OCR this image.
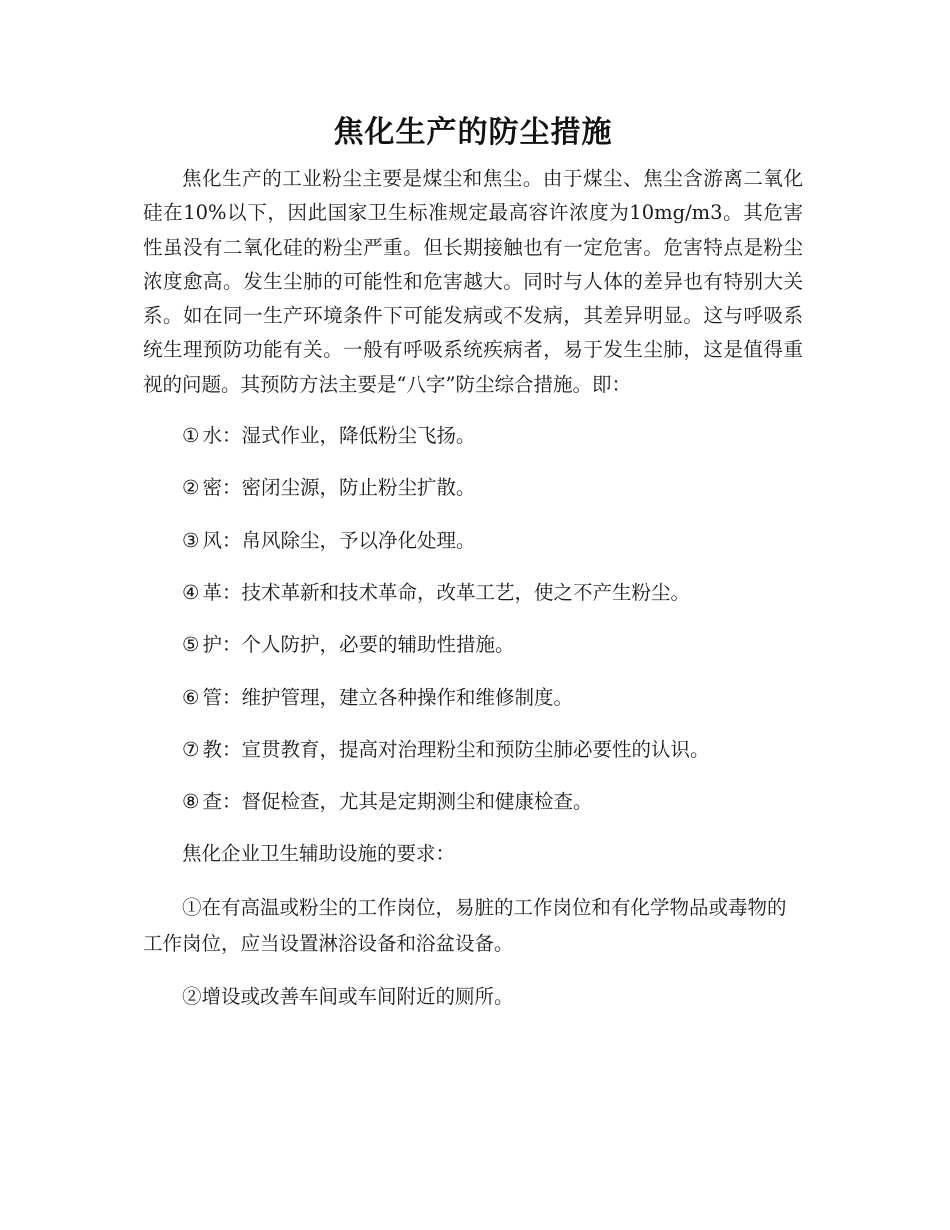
焦化生产的防尘措施

焦化生产的工业粉尘主要是煤尘和焦尘。由于煤尘、焦尘含游离二氧化硅在10%以下，因此国家卫生标准规定最高容许浓度为10mg/m3。其危害性虽没有二氧化硅的粉尘严重。但长期接触也有一定危害。危害特点是粉尘浓度愈高。发生尘肺的可能性和危害越大。同时与人体的差异也有特别大关系。如在同一生产环境条件下可能发病或不发病，其差异明显。这与呼吸系统生理预防功能有关。一般有呼吸系统疾病者，易于发生尘肺，这是值得重视的问题。其预防方法主要是“八字”防尘综合措施。即：

① 水：湿式作业，降低粉尘飞扬。
② 密：密闭尘源，防止粉尘扩散。
③ 风：帛风除尘，予以净化处理。
④ 革：技术革新和技术革命，改革工艺，使之不产生粉尘。
⑤ 护：个人防护，必要的辅助性措施。
⑥ 管：维护管理，建立各种操作和维修制度。
⑦ 教：宣贯教育，提高对治理粉尘和预防尘肺必要性的认识。
⑧ 查：督促检查，尤其是定期测尘和健康检查。
焦化企业卫生辅助设施的要求：
①在有高温或粉尘的工作岗位，易脏的工作岗位和有化学物品或毒物的工作岗位，应当设置淋浴设备和浴盆设备。
②增设或改善车间或车间附近的厕所。
